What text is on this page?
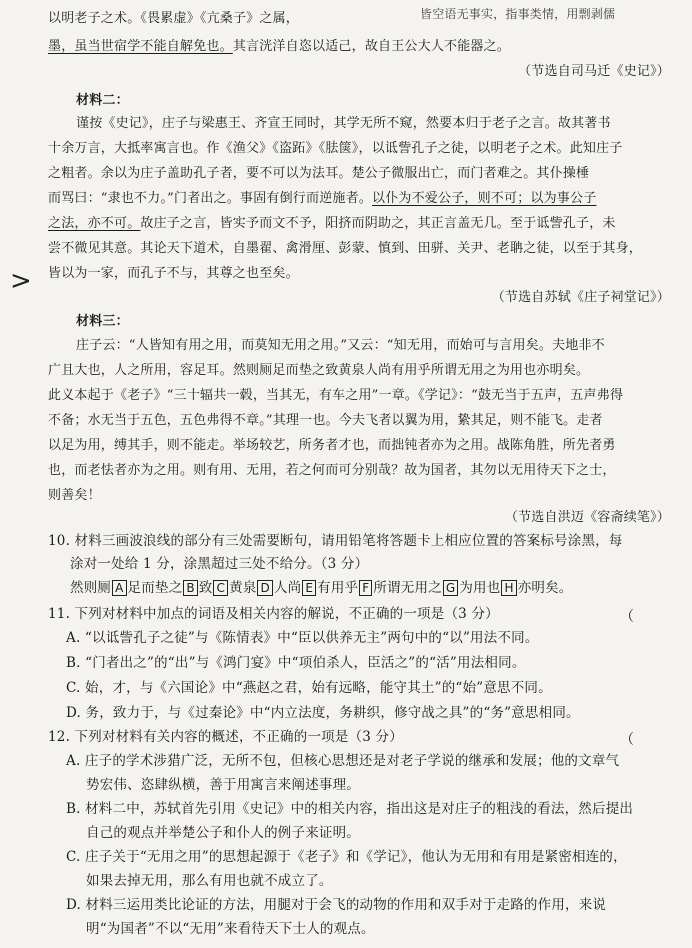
以明老子之术。《畏累虚》《亢桑子》之属，	皆空语无事实，指事类情，用剽剥儒
墨，虽当世宿学不能自解免也。其言洸洋自恣以适己，故自王公大人不能器之。
（节选自司马迁《史记》）
材料二：
谨按《史记》，庄子与梁惠王、齐宣王同时，其学无所不窥，然要本归于老子之言。故其著书
十余万言，大抵率寓言也。作《渔父》《盗跖》《胠箧》，以诋訾孔子之徒，以明老子之术。此知庄子
之粗者。余以为庄子盖助孔子者，要不可以为法耳。楚公子微服出亡，而门者难之。其仆操棰
而骂曰：“隶也不力。”门者出之。事固有倒行而逆施者。以仆为不爱公子，则不可；以为事公子
之法，亦不可。故庄子之言，皆实予而文不予，阳挤而阴助之，其正言盖无几。至于诋訾孔子，未
尝不微见其意。其论天下道术，自墨翟、禽滑厘、彭蒙、慎到、田骈、关尹、老聃之徒，以至于其身，
皆以为一家，而孔子不与，其尊之也至矣。
（节选自苏轼《庄子祠堂记》）
>
材料三：
庄子云：“人皆知有用之用，而莫知无用之用。”又云：“知无用，而始可与言用矣。夫地非不
广且大也，人之所用，容足耳。然则厕足而垫之致黄泉人尚有用乎所谓无用之为用也亦明矣。
此义本起于《老子》“三十辐共一毂，当其无，有车之用”一章。《学记》：“鼓无当于五声，五声弗得
不备；水无当于五色，五色弗得不章。”其理一也。今夫飞者以翼为用，絷其足，则不能飞。走者
以足为用，缚其手，则不能走。举场较艺，所务者才也，而拙钝者亦为之用。战陈角胜，所先者勇
也，而老怯者亦为之用。则有用、无用，若之何而可分别哉？故为国者，其勿以无用待天下之士，
则善矣！
（节选自洪迈《容斋续笔》）
10. 材料三画波浪线的部分有三处需要断句，请用铅笔将答题卡上相应位置的答案标号涂黑，每
涂对一处给 1 分，涂黑超过三处不给分。（3 分）
然则厕 A 足而垫之 B 致 C 黄泉 D 人尚 E 有用乎 F 所谓无用之 G 为用也 H 亦明矣。
11. 下列对材料中加点的词语及相关内容的解说，不正确的一项是（3 分）	（
A. “以诋訾孔子之徒”与《陈情表》中“臣以供养无主”两句中的“以”用法不同。
B. “门者出之”的“出”与《鸿门宴》中“项伯杀人，臣活之”的“活”用法相同。
C. 始，才，与《六国论》中“燕赵之君，始有远略，能守其土”的“始”意思不同。
D. 务，致力于，与《过秦论》中“内立法度，务耕织，修守战之具”的“务”意思相同。
12. 下列对材料有关内容的概述，不正确的一项是（3 分）	（
A. 庄子的学术涉猎广泛，无所不包，但核心思想还是对老子学说的继承和发展；他的文章气
势宏伟、恣肆纵横，善于用寓言来阐述事理。
B. 材料二中，苏轼首先引用《史记》中的相关内容，指出这是对庄子的粗浅的看法，然后提出
自己的观点并举楚公子和仆人的例子来证明。
C. 庄子关于“无用之用”的思想起源于《老子》和《学记》，他认为无用和有用是紧密相连的，
如果去掉无用，那么有用也就不成立了。
D. 材料三运用类比论证的方法，用腿对于会飞的动物的作用和双手对于走路的作用，来说
明“为国者”不以“无用”来看待天下士人的观点。
